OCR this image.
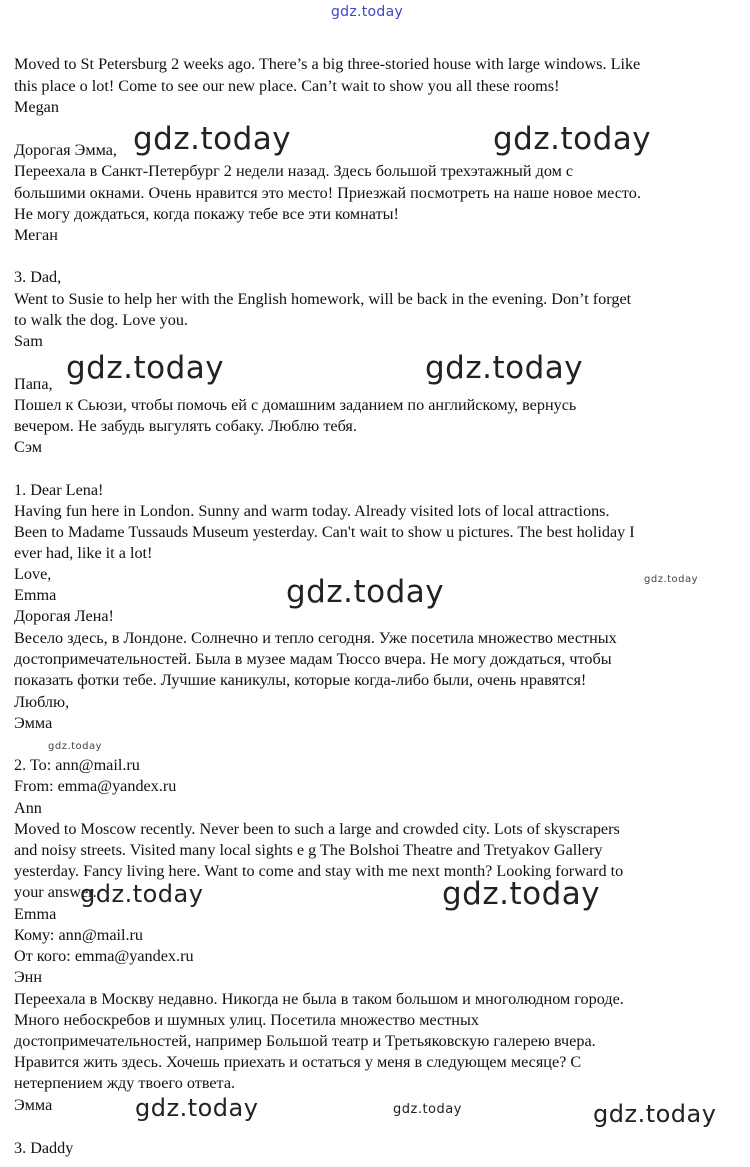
gdz.today

Moved to St Petersburg 2 weeks ago. There’s a big three-storied house with large windows. Like

this place o lot! Come to see our new place. Can’t wait to show you all these rooms!

Megan

Дорогая Эмма,

Переехала в Санкт-Петербург 2 недели назад. Здесь большой трехэтажный дом с

большими окнами. Очень нравится это место! Приезжай посмотреть на наше новое место.

Не могу дождаться, когда покажу тебе все эти комнаты!

Меган

3. Dad,

Went to Susie to help her with the English homework, will be back in the evening. Don’t forget

to walk the dog. Love you.

Sam

Папа,

Пошел к Сьюзи, чтобы помочь ей с домашним заданием по английскому, вернусь

вечером. Не забудь выгулять собаку. Люблю тебя.

Сэм

1. Dear Lena!

Having fun here in London. Sunny and warm today. Already visited lots of local attractions.

Been to Madame Tussauds Museum yesterday. Can't wait to show u pictures. The best holiday I

ever had, like it a lot!

Love,

Emma

Дорогая Лена!

Весело здесь, в Лондоне. Солнечно и тепло сегодня. Уже посетила множество местных

достопримечательностей. Была в музее мадам Тюссо вчера. Не могу дождаться, чтобы

показать фотки тебе. Лучшие каникулы, которые когда-либо были, очень нравятся!

Люблю,

Эмма

2. To: ann@mail.ru

From: emma@yandex.ru

Ann

Moved to Moscow recently. Never been to such a large and crowded city. Lots of skyscrapers

and noisy streets. Visited many local sights e g The Bolshoi Theatre and Tretyakov Gallery

yesterday. Fancy living here. Want to come and stay with me next month? Looking forward to

your answer.

Emma

Кому: ann@mail.ru

От кого: emma@yandex.ru

Энн

Переехала в Москву недавно. Никогда не была в таком большом и многолюдном городе.

Много небоскребов и шумных улиц. Посетила множество местных

достопримечательностей, например Большой театр и Третьяковскую галерею вчера.

Нравится жить здесь. Хочешь приехать и остаться у меня в следующем месяце? С

нетерпением жду твоего ответа.

Эмма

3. Daddy

gdz.today	gdz.today

gdz.today	gdz.today

gdz.today	gdz.today

gdz.today

gdz.today

gdz.today

gdz.today	gdz.today	gdz.today
